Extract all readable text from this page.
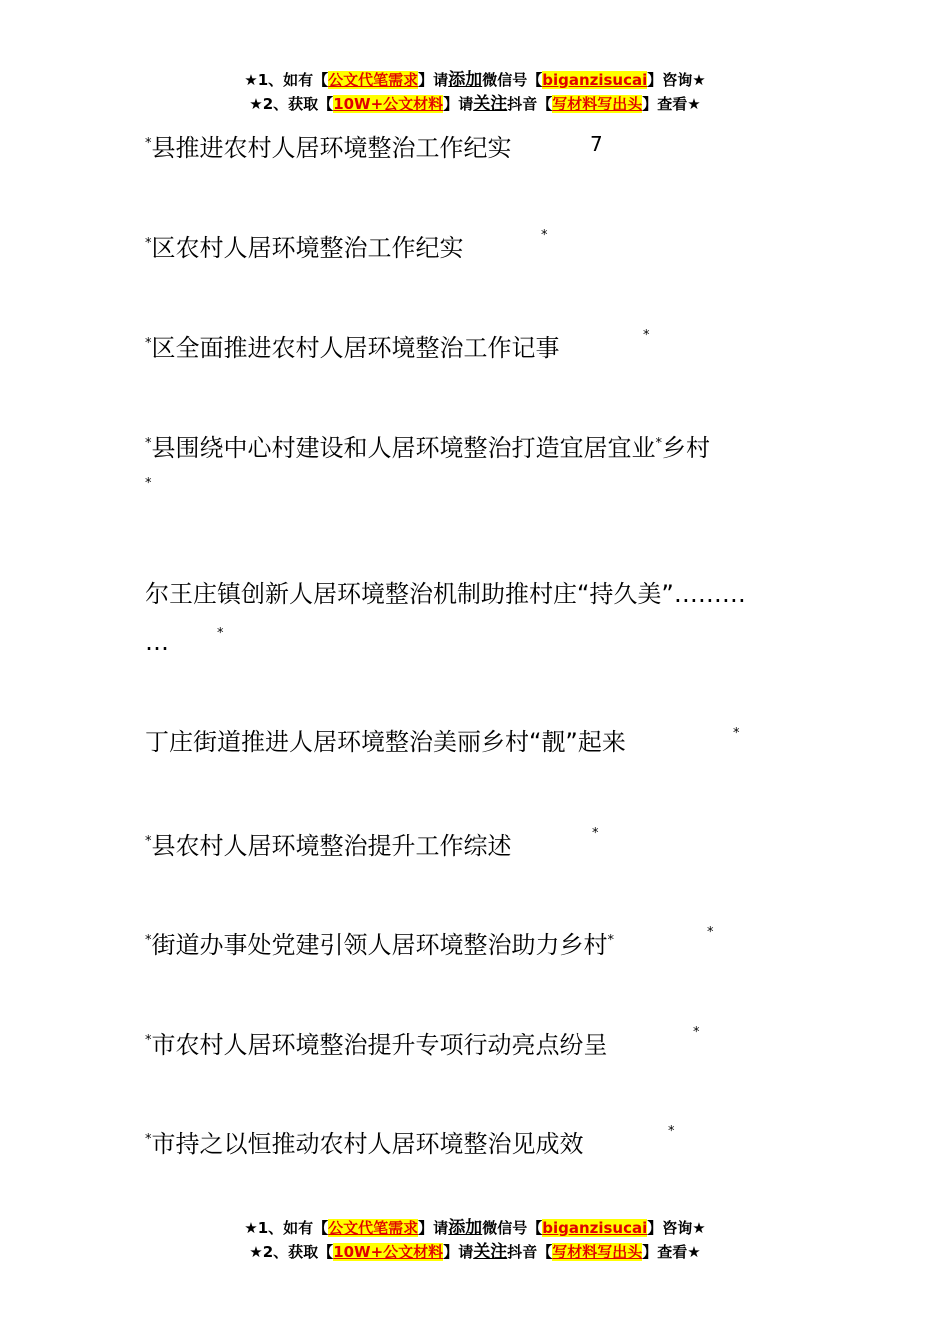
★1、如有【公文代笔需求】请添加微信号【biganzisucai】咨询★
★2、获取【10W+公文材料】请关注抖音【写材料写出头】查看★
*县推进农村人居环境整治工作纪实	7
*区农村人居环境整治工作纪实	*
*区全面推进农村人居环境整治工作记事	*
*县围绕中心村建设和人居环境整治打造宜居宜业*乡村
*
尔王庄镇创新人居环境整治机制助推村庄“持久美”………
…	*
丁庄街道推进人居环境整治美丽乡村“靓”起来	*
*县农村人居环境整治提升工作综述	*
*街道办事处党建引领人居环境整治助力乡村*
*
*市农村人居环境整治提升专项行动亮点纷呈	*
*市持之以恒推动农村人居环境整治见成效	*
★1、如有【公文代笔需求】请添加微信号【biganzisucai】咨询★
★2、获取【10W+公文材料】请关注抖音【写材料写出头】查看★
